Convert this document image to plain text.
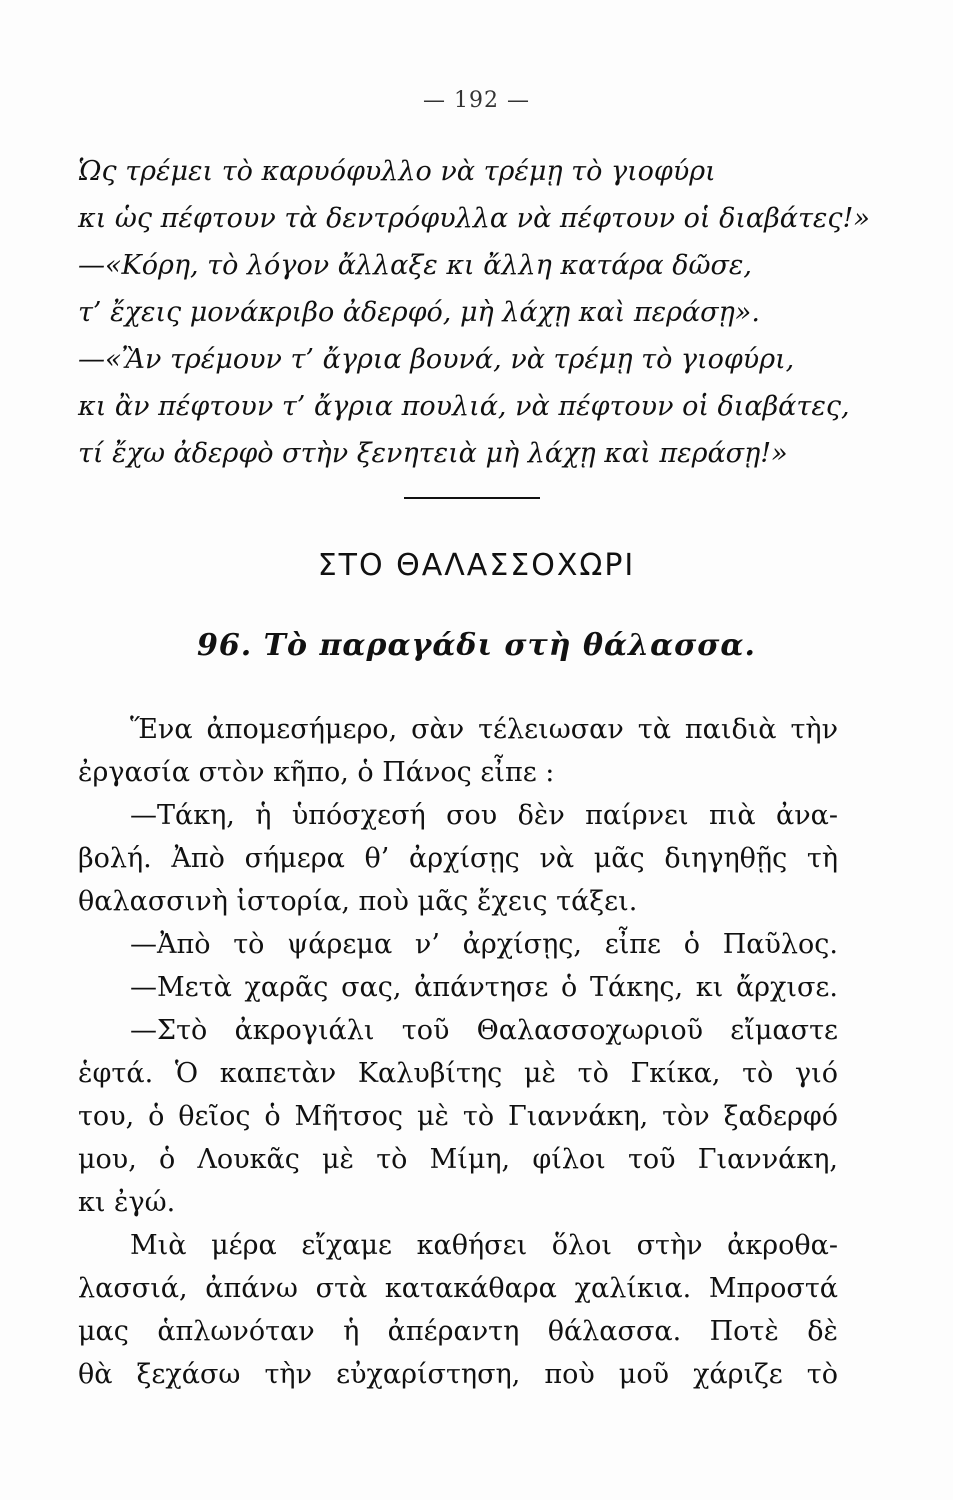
— 192 —
Ὡς τρέμει τὸ καρυόφυλλο νὰ τρέμῃ τὸ γιοφύρι
κι ὡς πέφτουν τὰ δεντρόφυλλα νὰ πέφτουν οἱ διαβάτες!»
—«Κόρη, τὸ λόγον ἄλλαξε κι ἄλλη κατάρα δῶσε,
τ’ ἔχεις μονάκριβο ἀδερφό, μὴ λάχῃ καὶ περάσῃ».
—«Ἂν τρέμουν τ’ ἄγρια βουνά, νὰ τρέμῃ τὸ γιοφύρι,
κι ἂν πέφτουν τ’ ἄγρια πουλιά, νὰ πέφτουν οἱ διαβάτες,
τί ἔχω ἀδερφὸ στὴν ξενητειὰ μὴ λάχῃ καὶ περάσῃ!»
ΣΤΟ ΘΑΛΑΣΣΟΧΩΡΙ
96. Τὸ παραγάδι στὴ θάλασσα.
Ἕνα ἀπομεσήμερο, σὰν τέλειωσαν τὰ παιδιὰ τὴν
ἐργασία στὸν κῆπο, ὁ Πάνος εἶπε :
—Τάκη, ἡ ὑπόσχεσή σου δὲν παίρνει πιὰ ἀνα-
βολή. Ἀπὸ σήμερα θ’ ἀρχίσῃς νὰ μᾶς διηγηθῇς τὴ
θαλασσινὴ ἱστορία, ποὺ μᾶς ἔχεις τάξει.
—Ἀπὸ τὸ ψάρεμα ν’ ἀρχίσῃς, εἶπε ὁ Παῦλος.
—Μετὰ χαρᾶς σας, ἀπάντησε ὁ Τάκης, κι ἄρχισε.
—Στὸ ἀκρογιάλι τοῦ Θαλασσοχωριοῦ εἴμαστε
ἑφτά. Ὁ καπετὰν Καλυβίτης μὲ τὸ Γκίκα, τὸ γιό
του, ὁ θεῖος ὁ Μῆτσος μὲ τὸ Γιαννάκη, τὸν ξαδερφό
μου, ὁ Λουκᾶς μὲ τὸ Μίμη, φίλοι τοῦ Γιαννάκη,
κι ἐγώ.
Μιὰ μέρα εἴχαμε καθήσει ὅλοι στὴν ἀκροθα-
λασσιά, ἀπάνω στὰ κατακάθαρα χαλίκια. Μπροστά
μας ἁπλωνόταν ἡ ἀπέραντη θάλασσα. Ποτὲ δὲ
θὰ ξεχάσω τὴν εὐχαρίστηση, ποὺ μοῦ χάριζε τὸ
